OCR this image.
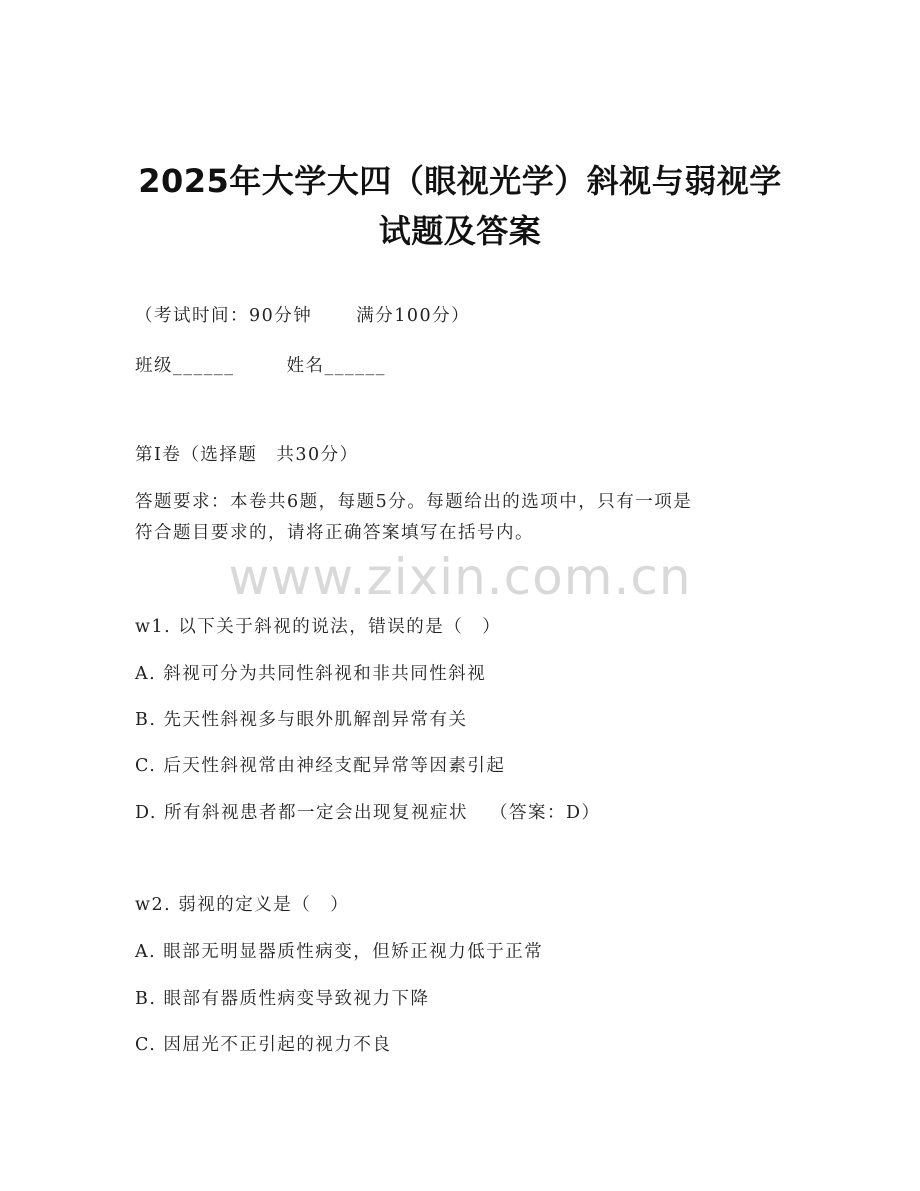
2025年大学大四（眼视光学）斜视与弱视学
试题及答案
（考试时间：90分钟	满分100分）
班级______	姓名______
第I卷（选择题　共30分）
答题要求：本卷共6题，每题5分。每题给出的选项中，只有一项是
符合题目要求的，请将正确答案填写在括号内。
www.zixin.com.cn
w1. 以下关于斜视的说法，错误的是（　）
A. 斜视可分为共同性斜视和非共同性斜视
B. 先天性斜视多与眼外肌解剖异常有关
C. 后天性斜视常由神经支配异常等因素引起
D. 所有斜视患者都一定会出现复视症状 （答案：D）
w2. 弱视的定义是（　）
A. 眼部无明显器质性病变，但矫正视力低于正常
B. 眼部有器质性病变导致视力下降
C. 因屈光不正引起的视力不良
